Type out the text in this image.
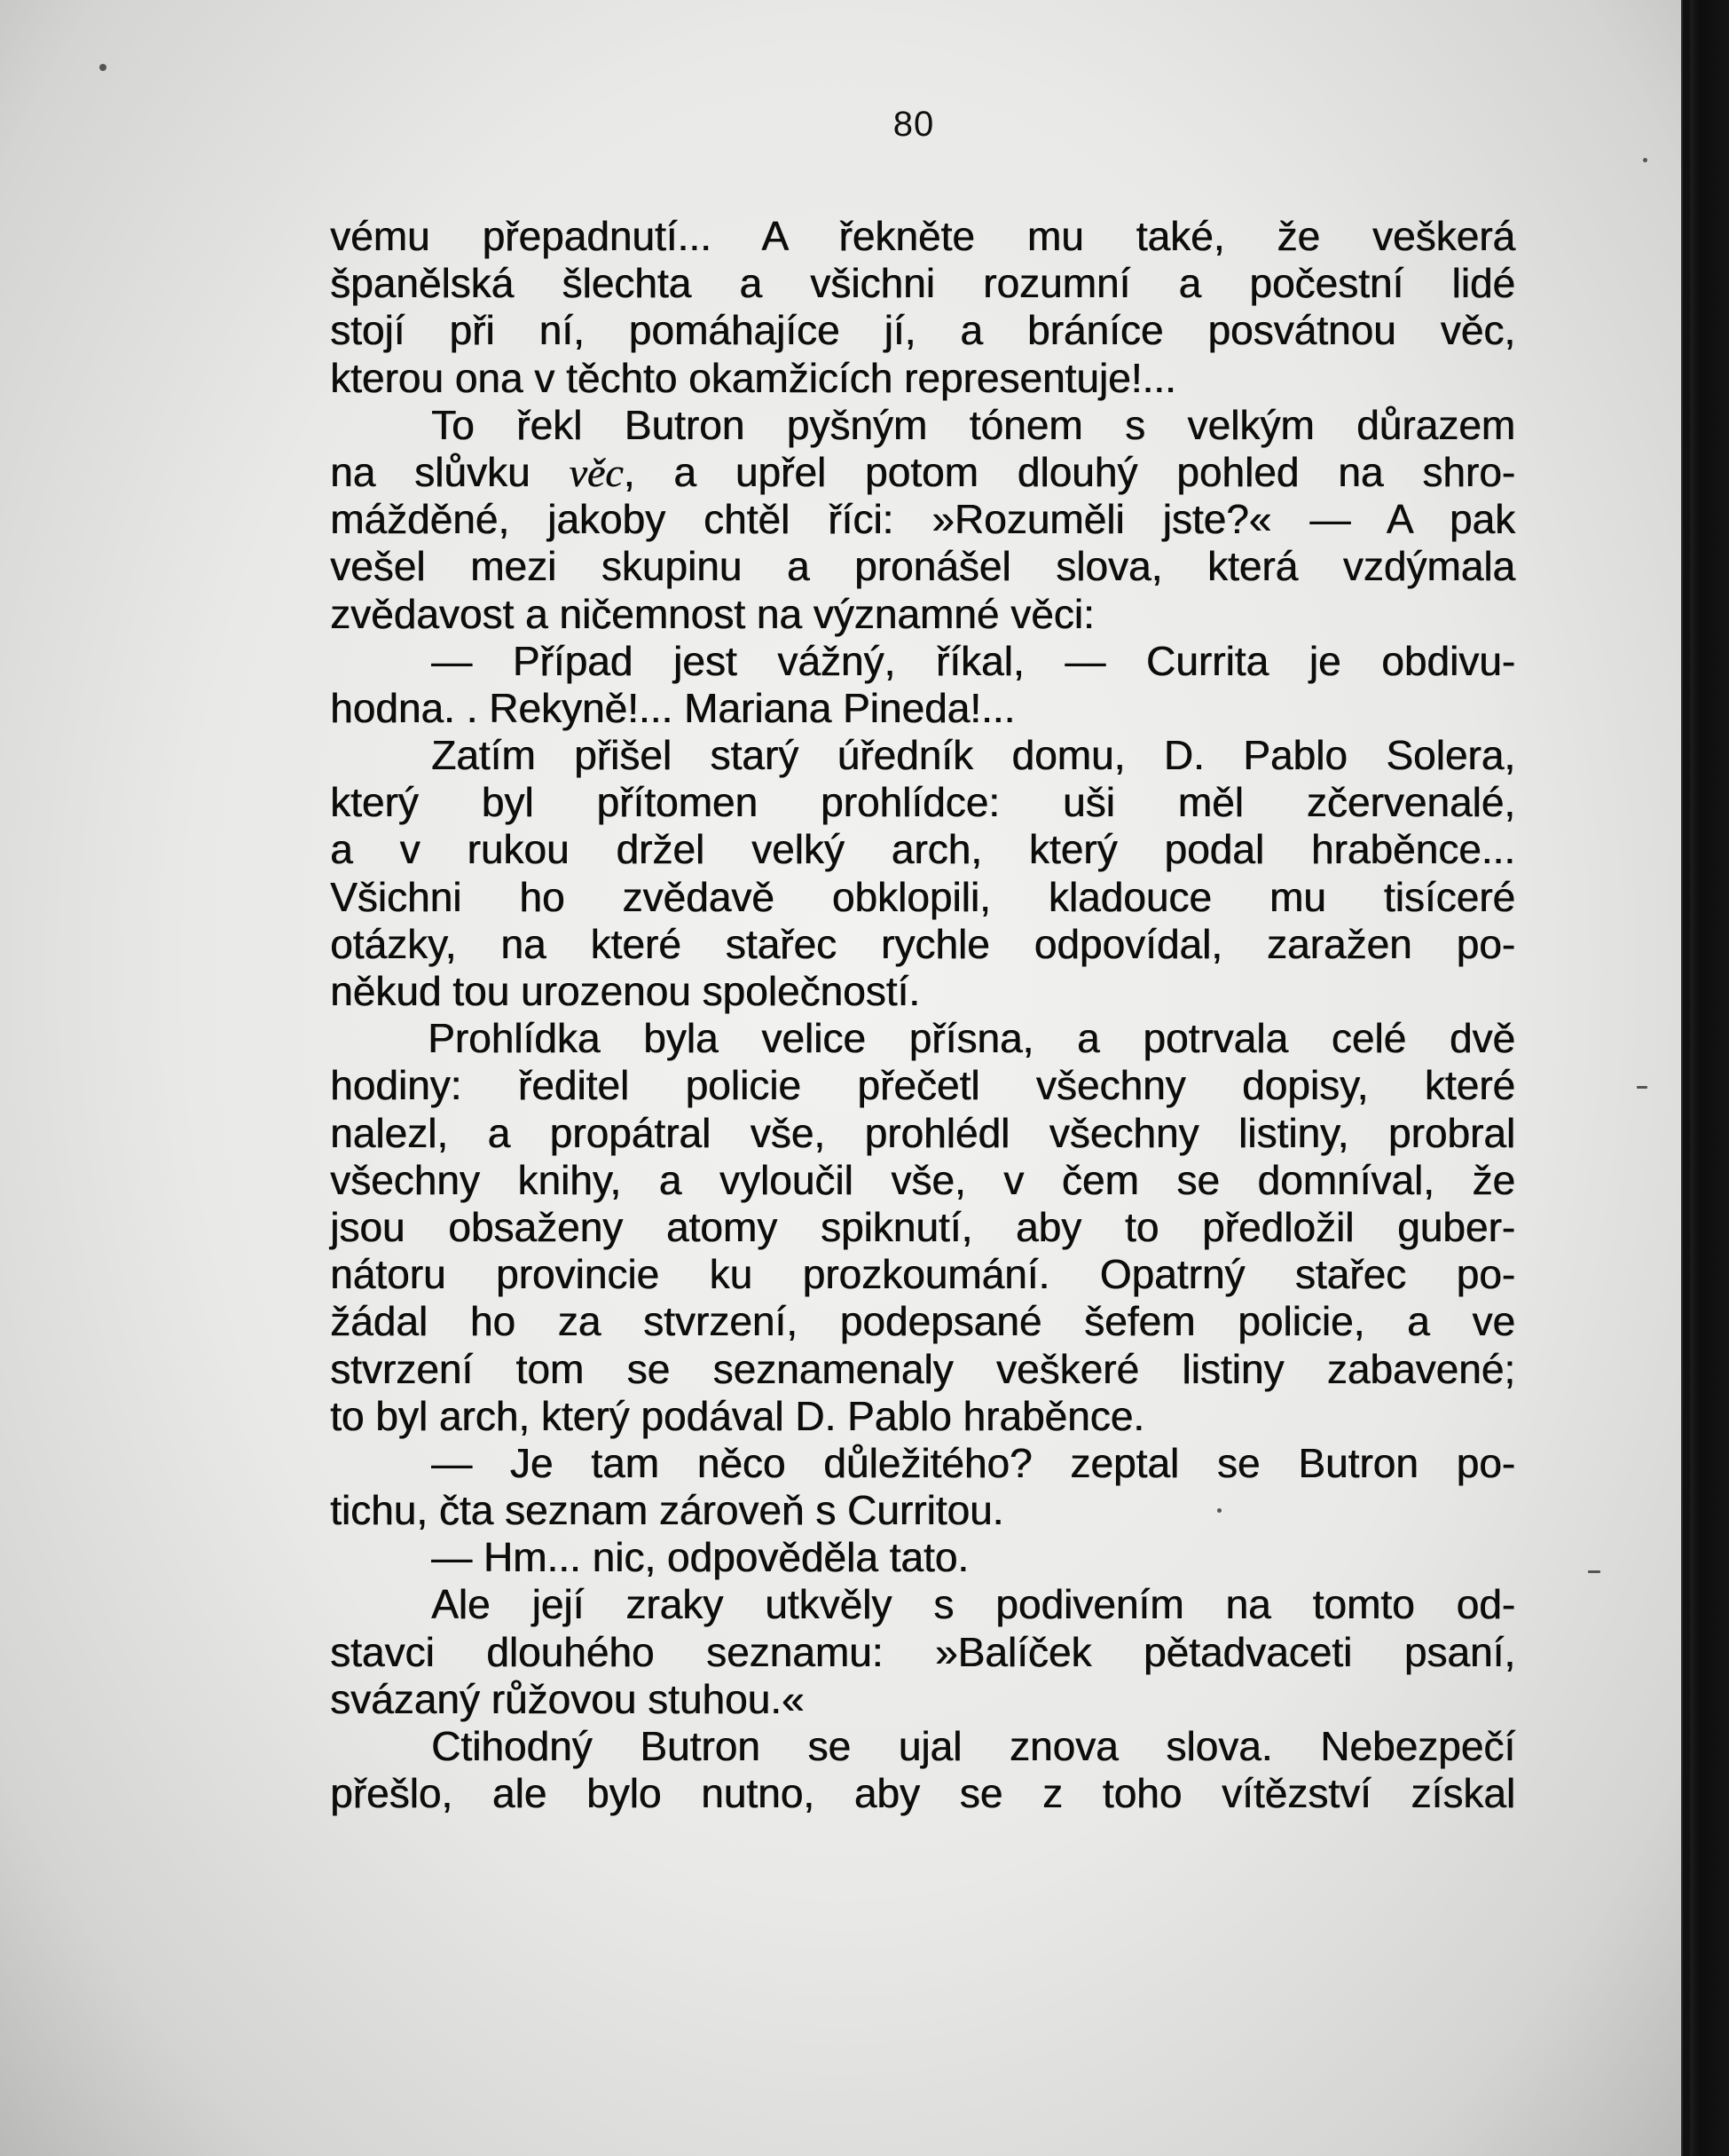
80
vému přepadnutí... A řekněte mu také, že veškerá
španělská šlechta a všichni rozumní a počestní lidé
stojí při ní, pomáhajíce jí, a bráníce posvátnou věc,
kterou ona v těchto okamžicích representuje!...
To řekl Butron pyšným tónem s velkým důrazem
na slůvku věc, a upřel potom dlouhý pohled na shro-
mážděné, jakoby chtěl říci: »Rozuměli jste?« — A pak
vešel mezi skupinu a pronášel slova, která vzdýmala
zvědavost a ničemnost na významné věci:
— Případ jest vážný, říkal, — Currita je obdivu-
hodna. . Rekyně!... Mariana Pineda!...
Zatím přišel starý úředník domu, D. Pablo Solera,
který byl přítomen prohlídce: uši měl zčervenalé,
a v rukou držel velký arch, který podal hraběnce...
Všichni ho zvědavě obklopili, kladouce mu tisíceré
otázky, na které stařec rychle odpovídal, zaražen po-
někud tou urozenou společností.
Prohlídka byla velice přísna, a potrvala celé dvě
hodiny: ředitel policie přečetl všechny dopisy, které
nalezl, a propátral vše, prohlédl všechny listiny, probral
všechny knihy, a vyloučil vše, v čem se domníval, že
jsou obsaženy atomy spiknutí, aby to předložil guber-
nátoru provincie ku prozkoumání. Opatrný stařec po-
žádal ho za stvrzení, podepsané šefem policie, a ve
stvrzení tom se seznamenaly veškeré listiny zabavené;
to byl arch, který podával D. Pablo hraběnce.
— Je tam něco důležitého? zeptal se Butron po-
tichu, čta seznam zároveň s Curritou.
— Hm... nic, odpověděla tato.
Ale její zraky utkvěly s podivením na tomto od-
stavci dlouhého seznamu: »Balíček pětadvaceti psaní,
svázaný růžovou stuhou.«
Ctihodný Butron se ujal znova slova. Nebezpečí
přešlo, ale bylo nutno, aby se z toho vítězství získal
